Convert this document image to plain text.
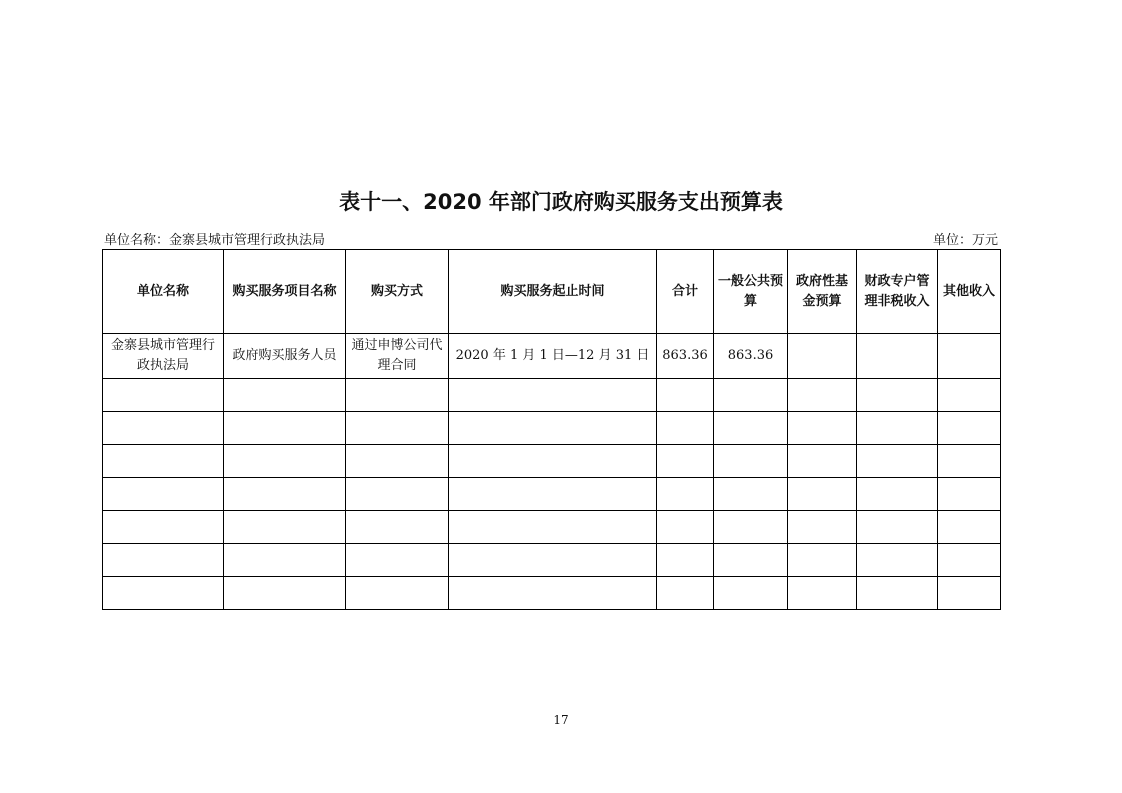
表十一、2020 年部门政府购买服务支出预算表
单位名称：金寨县城市管理行政执法局	单位：万元
单位名称	购买服务项目名称	购买方式	购买服务起止时间	合计	一般公共预算	政府性基金预算	财政专户管理非税收入	其他收入
金寨县城市管理行政执法局	政府购买服务人员	通过申博公司代理合同	2020 年 1 月 1 日—12 月 31 日	863.36	863.36			

17
